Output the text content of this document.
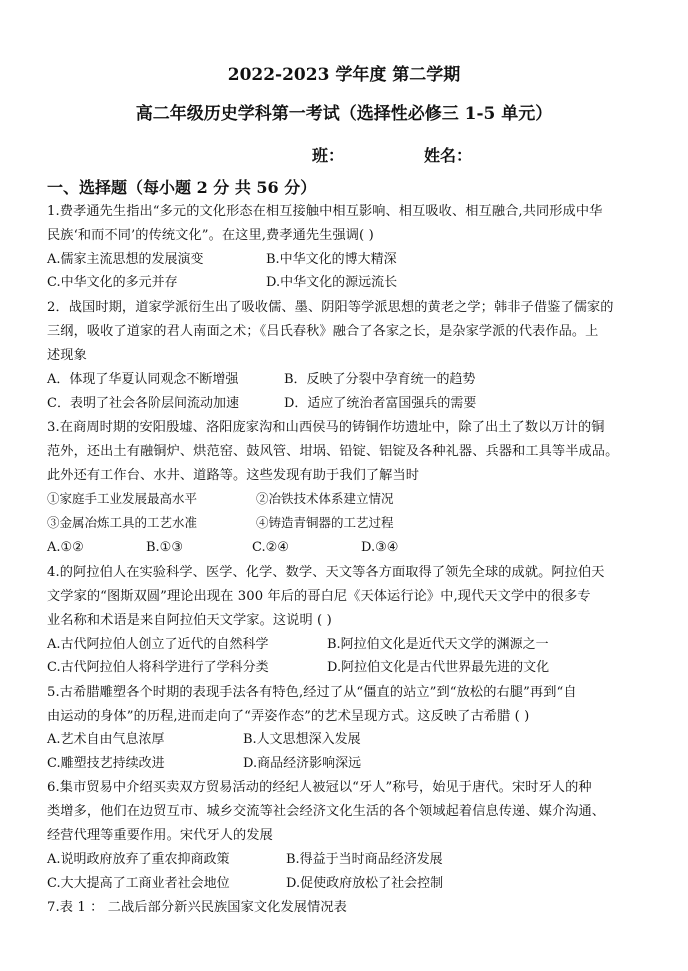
2022-2023 学年度 第二学期
高二年级历史学科第一考试（选择性必修三 1-5 单元）
班：	姓名：
一、选择题（每小题 2 分 共 56 分）
1.费孝通先生指出“多元的文化形态在相互接触中相互影响、相互吸收、相互融合,共同形成中华
民族‘和而不同’的传统文化”。在这里,费孝通先生强调( )
A.儒家主流思想的发展演变	B.中华文化的博大精深
C.中华文化的多元并存	D.中华文化的源远流长
2．战国时期，道家学派衍生出了吸收儒、墨、阴阳等学派思想的黄老之学；韩非子借鉴了儒家的
三纲，吸收了道家的君人南面之术；《吕氏春秋》融合了各家之长，是杂家学派的代表作品。上
述现象
A．体现了华夏认同观念不断增强	B．反映了分裂中孕育统一的趋势
C．表明了社会各阶层间流动加速	D．适应了统治者富国强兵的需要
3.在商周时期的安阳殷墟、洛阳庞家沟和山西侯马的铸铜作坊遗址中，除了出土了数以万计的铜
范外，还出土有融铜炉、烘范窑、鼓风管、坩埚、铅锭、铝锭及各种礼器、兵器和工具等半成品。
此外还有工作台、水井、道路等。这些发现有助于我们了解当时
①家庭手工业发展最高水平	②冶铁技术体系建立情况
③金属冶炼工具的工艺水准	④铸造青铜器的工艺过程
A.①②	B.①③	C.②④	D.③④
4.的阿拉伯人在实验科学、医学、化学、数学、天文等各方面取得了领先全球的成就。阿拉伯天
文学家的“图斯双圆”理论出现在 300 年后的哥白尼《天体运行论》中,现代天文学中的很多专
业名称和术语是来自阿拉伯天文学家。这说明 ( )
A.古代阿拉伯人创立了近代的自然科学	B.阿拉伯文化是近代天文学的渊源之一
C.古代阿拉伯人将科学进行了学科分类	D.阿拉伯文化是古代世界最先进的文化
5.古希腊雕塑各个时期的表现手法各有特色,经过了从“僵直的站立”到“放松的右腿”再到“自
由运动的身体”的历程,进而走向了“弄姿作态”的艺术呈现方式。这反映了古希腊 ( )
A.艺术自由气息浓厚	B.人文思想深入发展
C.雕塑技艺持续改进	D.商品经济影响深远
6.集市贸易中介绍买卖双方贸易活动的经纪人被冠以“牙人”称号，始见于唐代。宋时牙人的种
类增多，他们在边贸互市、城乡交流等社会经济文化生活的各个领域起着信息传递、媒介沟通、
经营代理等重要作用。宋代牙人的发展
A.说明政府放弃了重农抑商政策	B.得益于当时商品经济发展
C.大大提高了工商业者社会地位	D.促使政府放松了社会控制
7.表 1 ： 二战后部分新兴民族国家文化发展情况表
